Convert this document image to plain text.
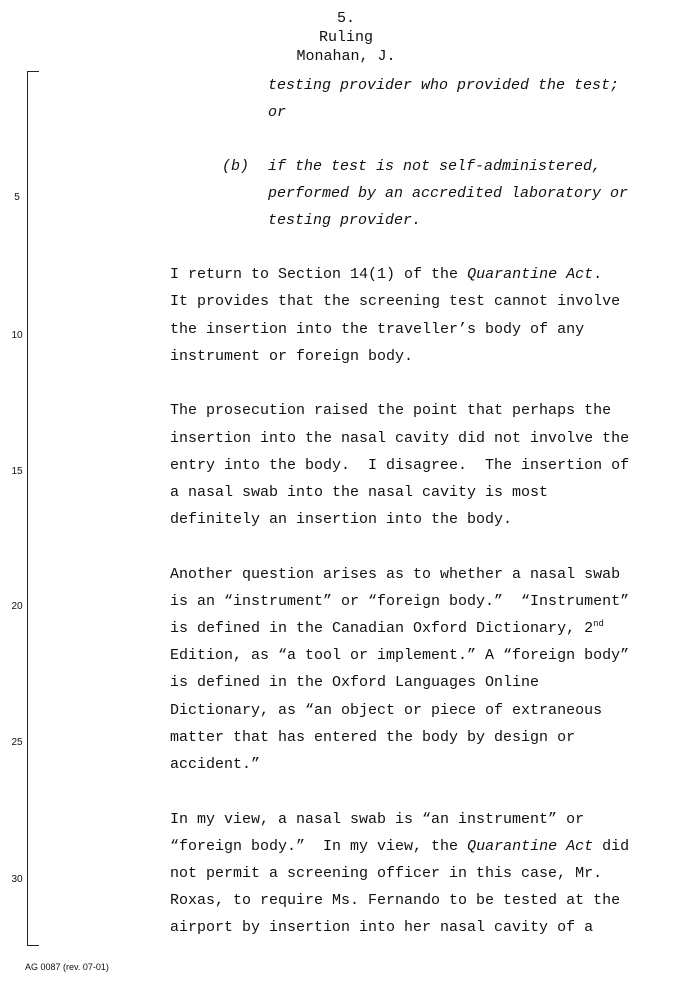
5.
Ruling
Monahan, J.
5
10
15
20
25
30
testing provider who provided the test;
or
(b) if the test is not self-administered,
performed by an accredited laboratory or
testing provider.
I return to Section 14(1) of the Quarantine Act.
It provides that the screening test cannot involve
the insertion into the traveller’s body of any
instrument or foreign body.
The prosecution raised the point that perhaps the
insertion into the nasal cavity did not involve the
entry into the body.  I disagree.  The insertion of
a nasal swab into the nasal cavity is most
definitely an insertion into the body.
Another question arises as to whether a nasal swab
is an “instrument” or “foreign body.”  “Instrument”
is defined in the Canadian Oxford Dictionary, 2nd
Edition, as “a tool or implement.” A “foreign body”
is defined in the Oxford Languages Online
Dictionary, as “an object or piece of extraneous
matter that has entered the body by design or
accident.”
In my view, a nasal swab is “an instrument” or
“foreign body.”  In my view, the Quarantine Act did
not permit a screening officer in this case, Mr.
Roxas, to require Ms. Fernando to be tested at the
airport by insertion into her nasal cavity of a
AG 0087 (rev. 07-01)
